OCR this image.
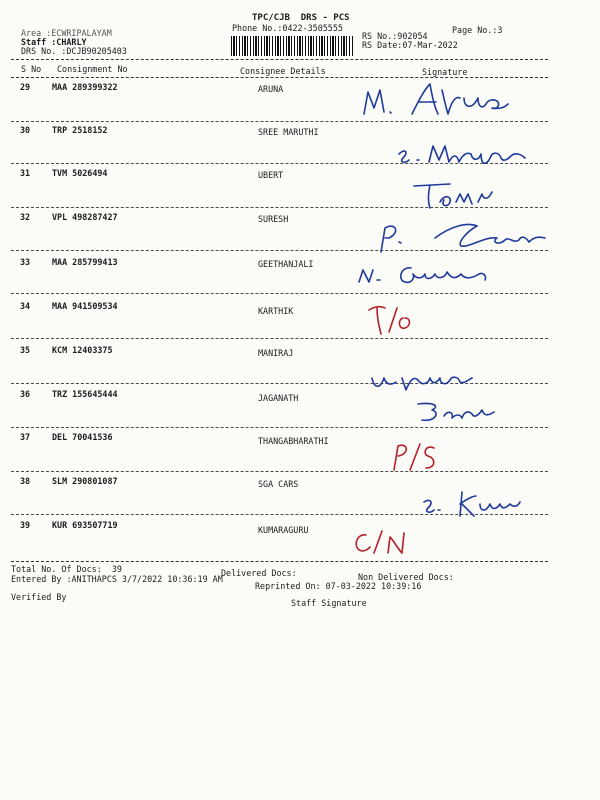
TPC/CJB  DRS - PCS
Phone No.:0422-3505555	Page No.:3
Area :ECWRIPALAYAM
Staff :CHARLY
DRS No. :DCJB90205403
RS No.:902054
RS Date:07-Mar-2022
S No Consignment No	Consignee Details	Signature
29	MAA 289399322	ARUNA
30	TRP 2518152	SREE MARUTHI
31	TVM 5026494	UBERT
32	VPL 498287427	SURESH
33	MAA 285799413	GEETHANJALI
34	MAA 941509534	KARTHIK
35	KCM 12403375	MANIRAJ
36	TRZ 155645444	JAGANATH
37	DEL 70041536	THANGABHARATHI
38	SLM 290801087	SGA CARS
39	KUR 693507719	KUMARAGURU
Total No. Of Docs:  39	Delivered Docs:	Non Delivered Docs:
Entered By :ANITHAPCS 3/7/2022 10:36:19 AM
Reprinted On: 07-03-2022 10:39:16
Verified By
Staff Signature
